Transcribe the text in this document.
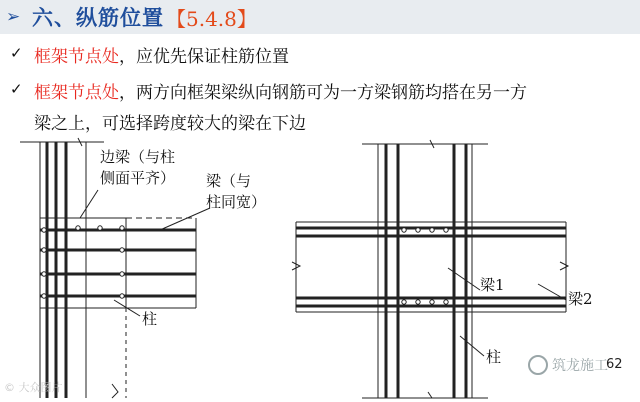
➢ 六、纵筋位置 【5.4.8】
✓ 框架节点处，应优先保证柱筋位置
✓ 框架节点处，两方向框架梁纵向钢筋可为一方梁钢筋均搭在另一方
梁之上，可选择跨度较大的梁在下边
边梁（与柱
侧面平齐） 梁（与
柱同宽）
柱
梁1
梁2
柱
© 大众图片
筑龙施工
62
